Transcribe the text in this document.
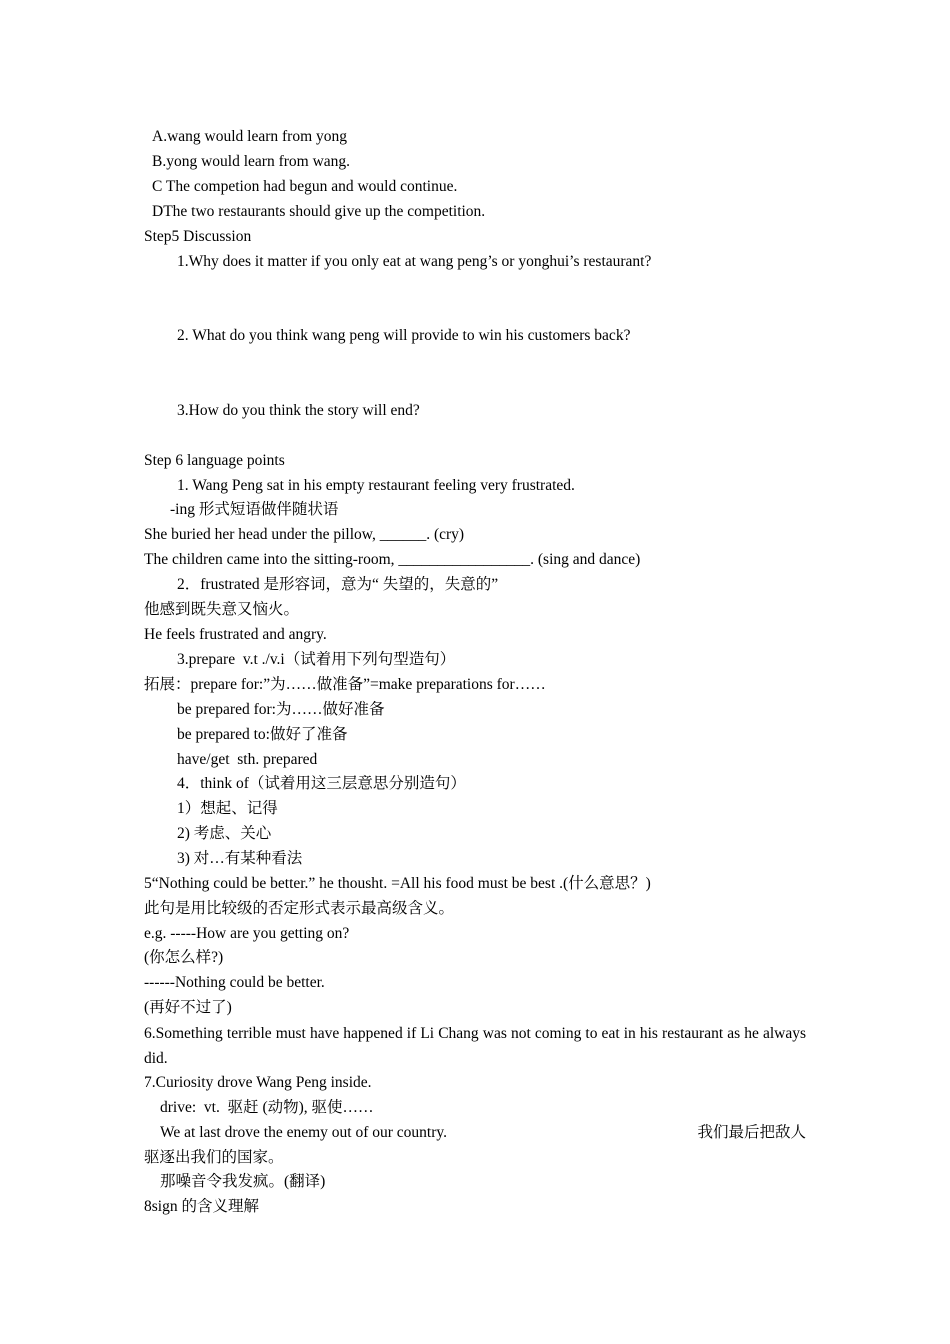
A.wang would learn from yong
B.yong would learn from wang.
C The competion had begun and would continue.
DThe two restaurants should give up the competition.
Step5 Discussion
1.Why does it matter if you only eat at wang peng’s or yonghui’s restaurant?
2. What do you think wang peng will provide to win his customers back?
3.How do you think the story will end?
Step 6 language points
1. Wang Peng sat in his empty restaurant feeling very frustrated.
-ing 形式短语做伴随状语
She buried her head under the pillow, ______. (cry)
The children came into the sitting-room, _________________. (sing and dance)
2．frustrated 是形容词，意为“ 失望的，失意的”
他感到既失意又恼火。
He feels frustrated and angry.
3.prepare  v.t ./v.i（试着用下列句型造句）
拓展：prepare for:”为……做准备”=make preparations for……
be prepared for:为……做好准备
be prepared to:做好了准备
have/get  sth. prepared
4．think of（试着用这三层意思分别造句）
1）想起、记得
2) 考虑、关心
3) 对…有某种看法
5“Nothing could be better.” he thousht. =All his food must be best .(什么意思？)
此句是用比较级的否定形式表示最高级含义。
e.g. -----How are you getting on?
(你怎么样?)
------Nothing could be better.
(再好不过了)
6.Something terrible must have happened if Li Chang was not coming to eat in his restaurant as he always did.
7.Curiosity drove Wang Peng inside.
drive:  vt.  驱赶 (动物), 驱使……
We at last drove the enemy out of our country.	我们最后把敌人
驱逐出我们的国家。
那噪音令我发疯。(翻译)
8sign 的含义理解
